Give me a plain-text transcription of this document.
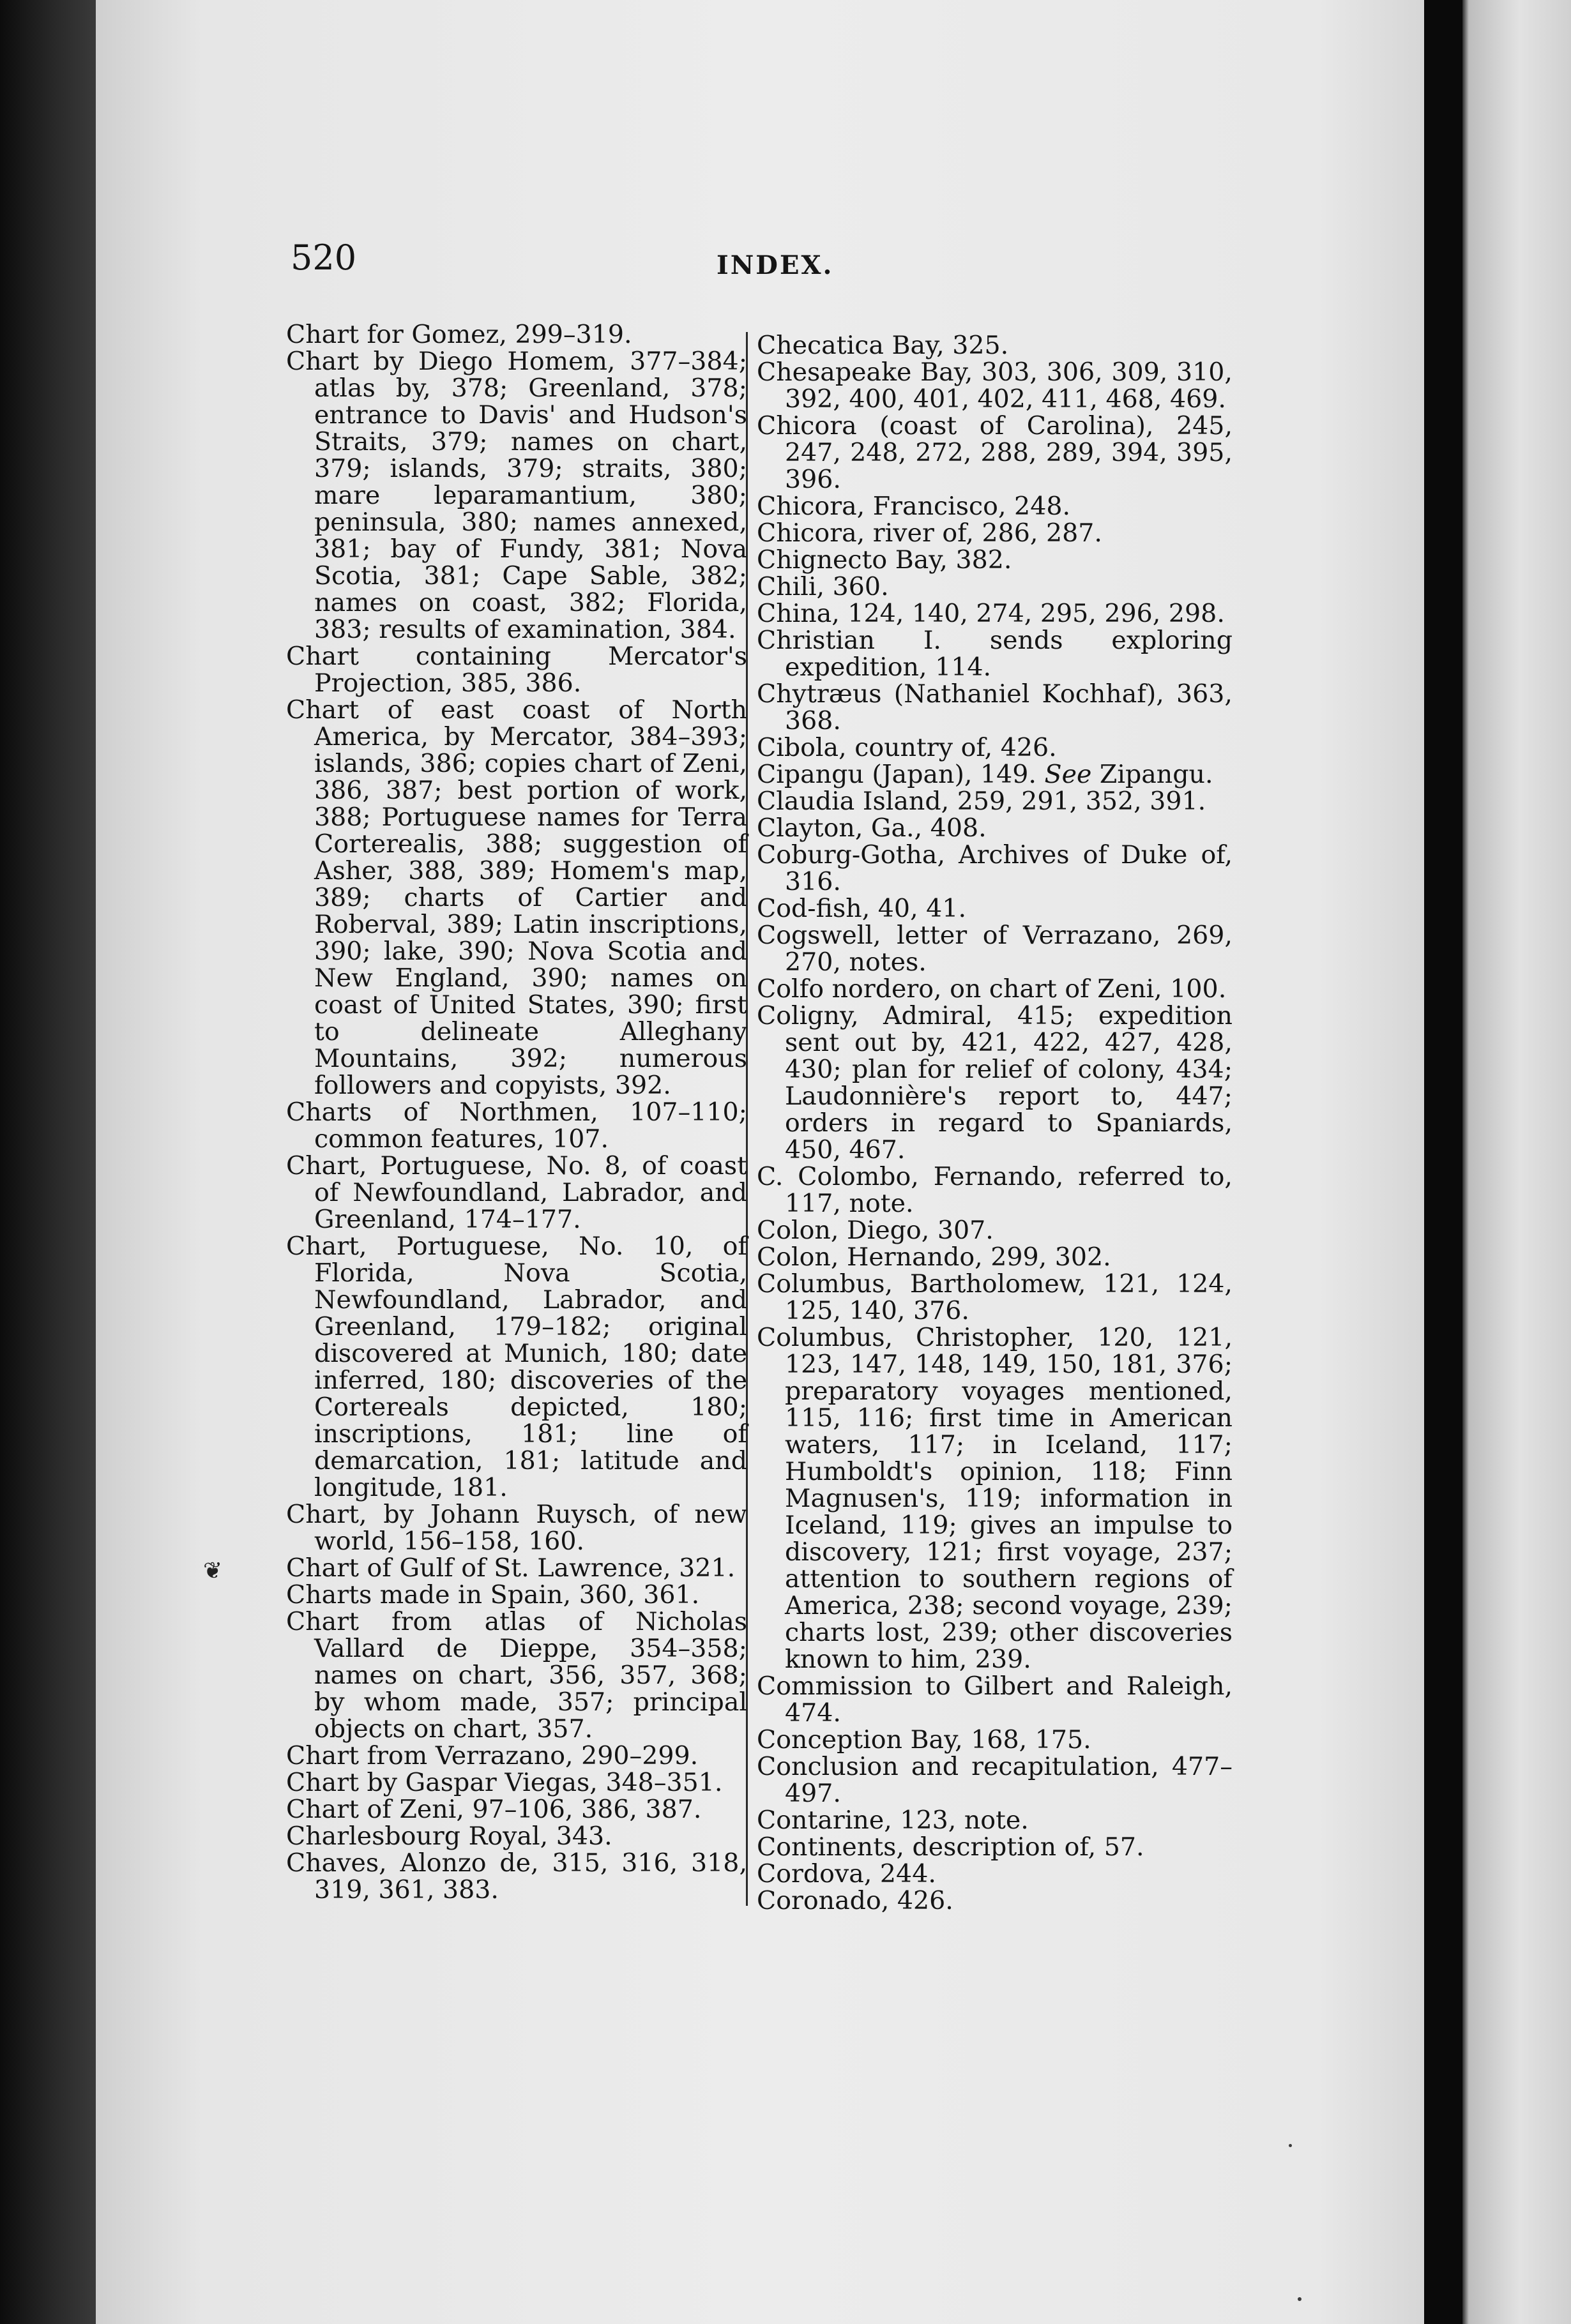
520	INDEX.
❦
Chart for Gomez, 299–319.
Chart by Diego Homem, 377–384; atlas by, 378; Greenland, 378; entrance to Davis' and Hudson's Straits, 379; names on chart, 379; islands, 379; straits, 380; mare leparamantium, 380; peninsula, 380; names annexed, 381; bay of Fundy, 381; Nova Scotia, 381; Cape Sable, 382; names on coast, 382; Florida, 383; results of examination, 384.
Chart containing Mercator's Projection, 385, 386.
Chart of east coast of North America, by Mercator, 384–393; islands, 386; copies chart of Zeni, 386, 387; best portion of work, 388; Portuguese names for Terra Corterealis, 388; suggestion of Asher, 388, 389; Homem's map, 389; charts of Cartier and Roberval, 389; Latin inscriptions, 390; lake, 390; Nova Scotia and New England, 390; names on coast of United States, 390; first to delineate Alleghany Mountains, 392; numerous followers and copyists, 392.
Charts of Northmen, 107–110; common features, 107.
Chart, Portuguese, No. 8, of coast of Newfoundland, Labrador, and Greenland, 174–177.
Chart, Portuguese, No. 10, of Florida, Nova Scotia, Newfoundland, Labrador, and Greenland, 179–182; original discovered at Munich, 180; date inferred, 180; discoveries of the Cortereals depicted, 180; inscriptions, 181; line of demarcation, 181; latitude and longitude, 181.
Chart, by Johann Ruysch, of new world, 156–158, 160.
Chart of Gulf of St. Lawrence, 321.
Charts made in Spain, 360, 361.
Chart from atlas of Nicholas Vallard de Dieppe, 354–358; names on chart, 356, 357, 368; by whom made, 357; principal objects on chart, 357.
Chart from Verrazano, 290–299.
Chart by Gaspar Viegas, 348–351.
Chart of Zeni, 97–106, 386, 387.
Charlesbourg Royal, 343.
Chaves, Alonzo de, 315, 316, 318, 319, 361, 383.
Checatica Bay, 325.
Chesapeake Bay, 303, 306, 309, 310, 392, 400, 401, 402, 411, 468, 469.
Chicora (coast of Carolina), 245, 247, 248, 272, 288, 289, 394, 395, 396.
Chicora, Francisco, 248.
Chicora, river of, 286, 287.
Chignecto Bay, 382.
Chili, 360.
China, 124, 140, 274, 295, 296, 298.
Christian I. sends exploring expedition, 114.
Chytræus (Nathaniel Kochhaf), 363, 368.
Cibola, country of, 426.
Cipangu (Japan), 149. See Zipangu.
Claudia Island, 259, 291, 352, 391.
Clayton, Ga., 408.
Coburg-Gotha, Archives of Duke of, 316.
Cod-fish, 40, 41.
Cogswell, letter of Verrazano, 269, 270, notes.
Colfo nordero, on chart of Zeni, 100.
Coligny, Admiral, 415; expedition sent out by, 421, 422, 427, 428, 430; plan for relief of colony, 434; Laudonnière's report to, 447; orders in regard to Spaniards, 450, 467.
C. Colombo, Fernando, referred to, 117, note.
Colon, Diego, 307.
Colon, Hernando, 299, 302.
Columbus, Bartholomew, 121, 124, 125, 140, 376.
Columbus, Christopher, 120, 121, 123, 147, 148, 149, 150, 181, 376; preparatory voyages mentioned, 115, 116; first time in American waters, 117; in Iceland, 117; Humboldt's opinion, 118; Finn Magnusen's, 119; information in Iceland, 119; gives an impulse to discovery, 121; first voyage, 237; attention to southern regions of America, 238; second voyage, 239; charts lost, 239; other discoveries known to him, 239.
Commission to Gilbert and Raleigh, 474.
Conception Bay, 168, 175.
Conclusion and recapitulation, 477–497.
Contarine, 123, note.
Continents, description of, 57.
Cordova, 244.
Coronado, 426.
